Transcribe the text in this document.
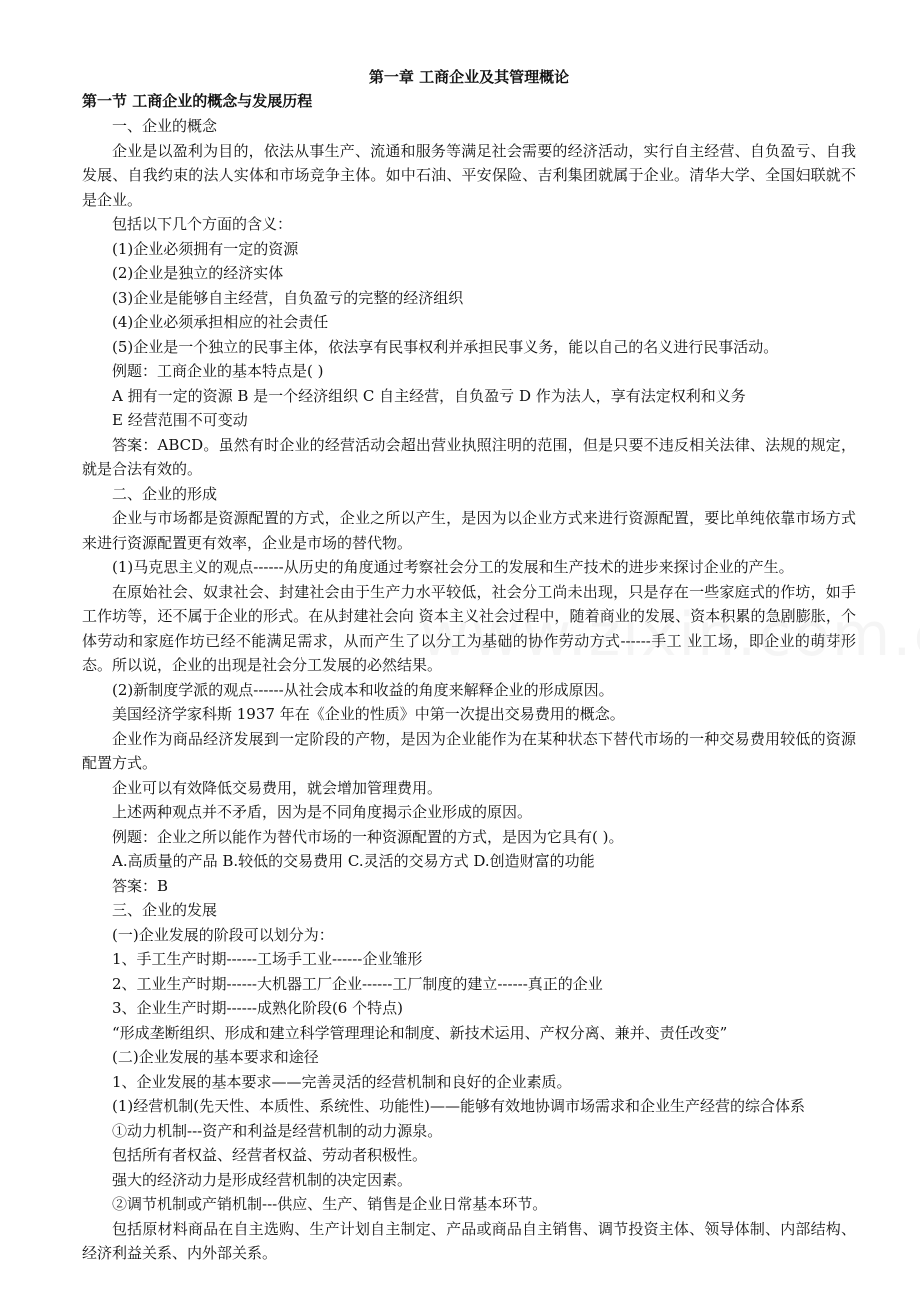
第一章 工商企业及其管理概论

第一节 工商企业的概念与发展历程

一、企业的概念

企业是以盈利为目的，依法从事生产、流通和服务等满足社会需要的经济活动，实行自主经营、自负盈亏、自我发展、自我约束的法人实体和市场竞争主体。如中石油、平安保险、吉利集团就属于企业。清华大学、全国妇联就不是企业。

包括以下几个方面的含义：

(1)企业必须拥有一定的资源

(2)企业是独立的经济实体

(3)企业是能够自主经营，自负盈亏的完整的经济组织

(4)企业必须承担相应的社会责任

(5)企业是一个独立的民事主体，依法享有民事权利并承担民事义务，能以自己的名义进行民事活动。

例题：工商企业的基本特点是( )

A 拥有一定的资源 B 是一个经济组织 C 自主经营，自负盈亏 D 作为法人，享有法定权利和义务

E 经营范围不可变动

答案：ABCD。虽然有时企业的经营活动会超出营业执照注明的范围，但是只要不违反相关法律、法规的规定，就是合法有效的。

二、企业的形成

企业与市场都是资源配置的方式，企业之所以产生，是因为以企业方式来进行资源配置，要比单纯依靠市场方式来进行资源配置更有效率，企业是市场的替代物。

(1)马克思主义的观点------从历史的角度通过考察社会分工的发展和生产技术的进步来探讨企业的产生。

在原始社会、奴隶社会、封建社会由于生产力水平较低，社会分工尚未出现，只是存在一些家庭式的作坊，如手工作坊等，还不属于企业的形式。在从封建社会向 资本主义社会过程中，随着商业的发展、资本积累的急剧膨胀，个体劳动和家庭作坊已经不能满足需求，从而产生了以分工为基础的协作劳动方式------手工 业工场，即企业的萌芽形态。所以说，企业的出现是社会分工发展的必然结果。

(2)新制度学派的观点------从社会成本和收益的角度来解释企业的形成原因。

美国经济学家科斯 1937 年在《企业的性质》中第一次提出交易费用的概念。

企业作为商品经济发展到一定阶段的产物，是因为企业能作为在某种状态下替代市场的一种交易费用较低的资源配置方式。

企业可以有效降低交易费用，就会增加管理费用。

上述两种观点并不矛盾，因为是不同角度揭示企业形成的原因。

例题：企业之所以能作为替代市场的一种资源配置的方式，是因为它具有( )。

A.高质量的产品 B.较低的交易费用 C.灵活的交易方式 D.创造财富的功能

答案：B

三、企业的发展

(一)企业发展的阶段可以划分为：

1、手工生产时期------工场手工业------企业雏形

2、工业生产时期------大机器工厂企业------工厂制度的建立------真正的企业

3、企业生产时期------成熟化阶段(6 个特点)

“形成垄断组织、形成和建立科学管理理论和制度、新技术运用、产权分离、兼并、责任改变”

(二)企业发展的基本要求和途径

1、企业发展的基本要求——完善灵活的经营机制和良好的企业素质。

(1)经营机制(先天性、本质性、系统性、功能性)——能够有效地协调市场需求和企业生产经营的综合体系

①动力机制---资产和利益是经营机制的动力源泉。

包括所有者权益、经营者权益、劳动者积极性。

强大的经济动力是形成经营机制的决定因素。

②调节机制或产销机制---供应、生产、销售是企业日常基本环节。

包括原材料商品在自主选购、生产计划自主制定、产品或商品自主销售、调节投资主体、领导体制、内部结构、经济利益关系、内外部关系。
